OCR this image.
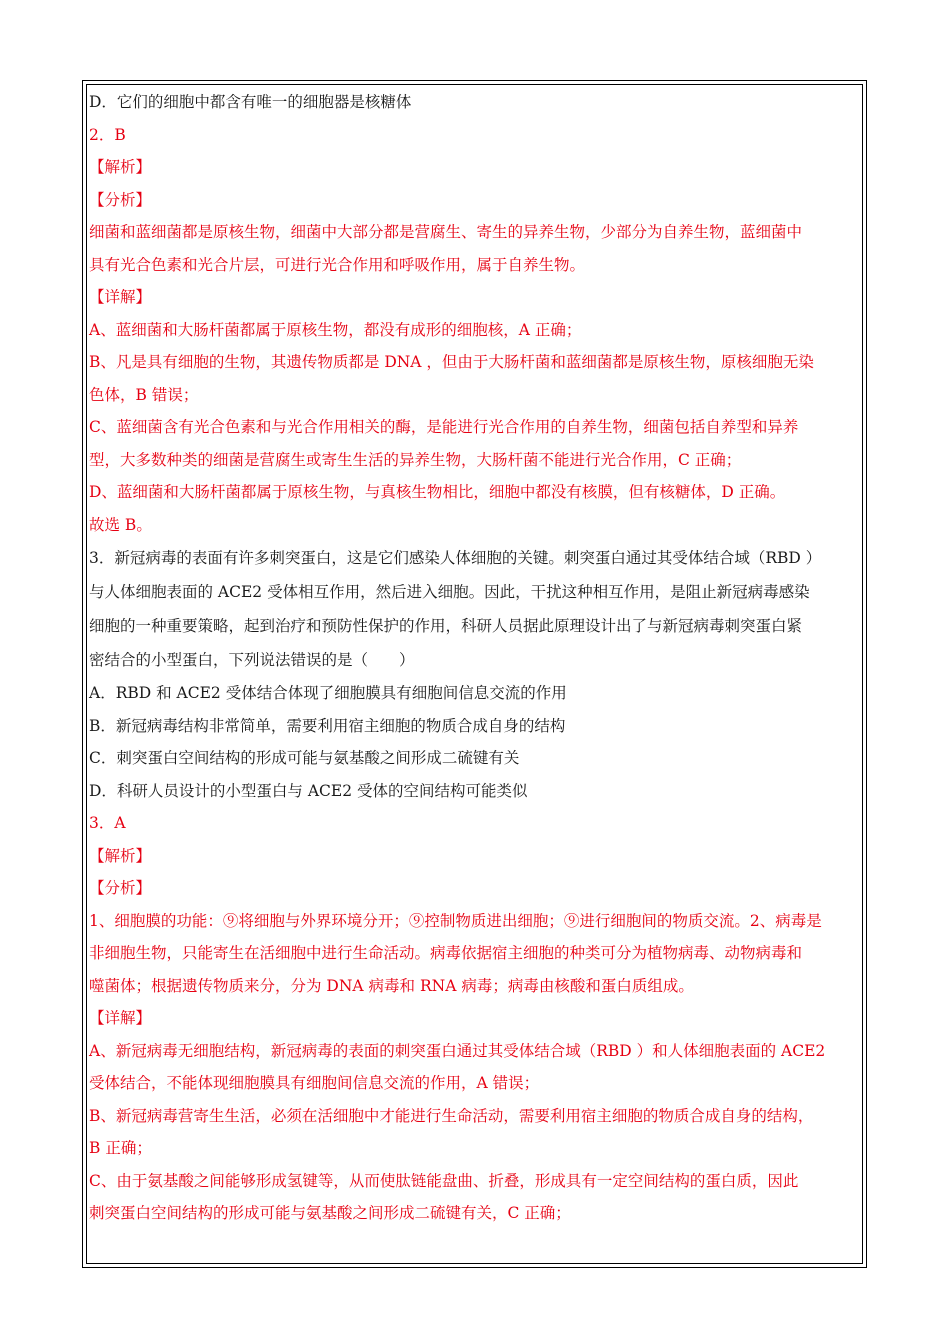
D．它们的细胞中都含有唯一的细胞器是核糖体

2．B

【解析】

【分析】

细菌和蓝细菌都是原核生物，细菌中大部分都是营腐生、寄生的异养生物，少部分为自养生物，蓝细菌中

具有光合色素和光合片层，可进行光合作用和呼吸作用，属于自养生物。

【详解】

A、蓝细菌和大肠杆菌都属于原核生物，都没有成形的细胞核，A 正确；

B、凡是具有细胞的生物，其遗传物质都是 DNA ，但由于大肠杆菌和蓝细菌都是原核生物，原核细胞无染

色体，B 错误；

C、蓝细菌含有光合色素和与光合作用相关的酶，是能进行光合作用的自养生物，细菌包括自养型和异养

型，大多数种类的细菌是营腐生或寄生生活的异养生物，大肠杆菌不能进行光合作用，C 正确；

D、蓝细菌和大肠杆菌都属于原核生物，与真核生物相比，细胞中都没有核膜，但有核糖体，D 正确。

故选 B。

3．新冠病毒的表面有许多刺突蛋白，这是它们感染人体细胞的关键。刺突蛋白通过其受体结合域（RBD ）

与人体细胞表面的 ACE2 受体相互作用，然后进入细胞。因此，干扰这种相互作用，是阻止新冠病毒感染

细胞的一种重要策略，起到治疗和预防性保护的作用，科研人员据此原理设计出了与新冠病毒刺突蛋白紧

密结合的小型蛋白，下列说法错误的是（　　）

A．RBD 和 ACE2 受体结合体现了细胞膜具有细胞间信息交流的作用

B．新冠病毒结构非常简单，需要利用宿主细胞的物质合成自身的结构

C．刺突蛋白空间结构的形成可能与氨基酸之间形成二硫键有关

D．科研人员设计的小型蛋白与 ACE2 受体的空间结构可能类似

3．A

【解析】

【分析】

1、细胞膜的功能：⑨将细胞与外界环境分开；⑨控制物质进出细胞；⑨进行细胞间的物质交流。2、病毒是

非细胞生物，只能寄生在活细胞中进行生命活动。病毒依据宿主细胞的种类可分为植物病毒、动物病毒和

噬菌体；根据遗传物质来分，分为 DNA 病毒和 RNA 病毒；病毒由核酸和蛋白质组成。

【详解】

A、新冠病毒无细胞结构，新冠病毒的表面的刺突蛋白通过其受体结合域（RBD ）和人体细胞表面的 ACE2

受体结合，不能体现细胞膜具有细胞间信息交流的作用，A 错误；

B、新冠病毒营寄生生活，必须在活细胞中才能进行生命活动，需要利用宿主细胞的物质合成自身的结构，

B 正确；

C、由于氨基酸之间能够形成氢键等，从而使肽链能盘曲、折叠，形成具有一定空间结构的蛋白质，因此

刺突蛋白空间结构的形成可能与氨基酸之间形成二硫键有关，C 正确；
